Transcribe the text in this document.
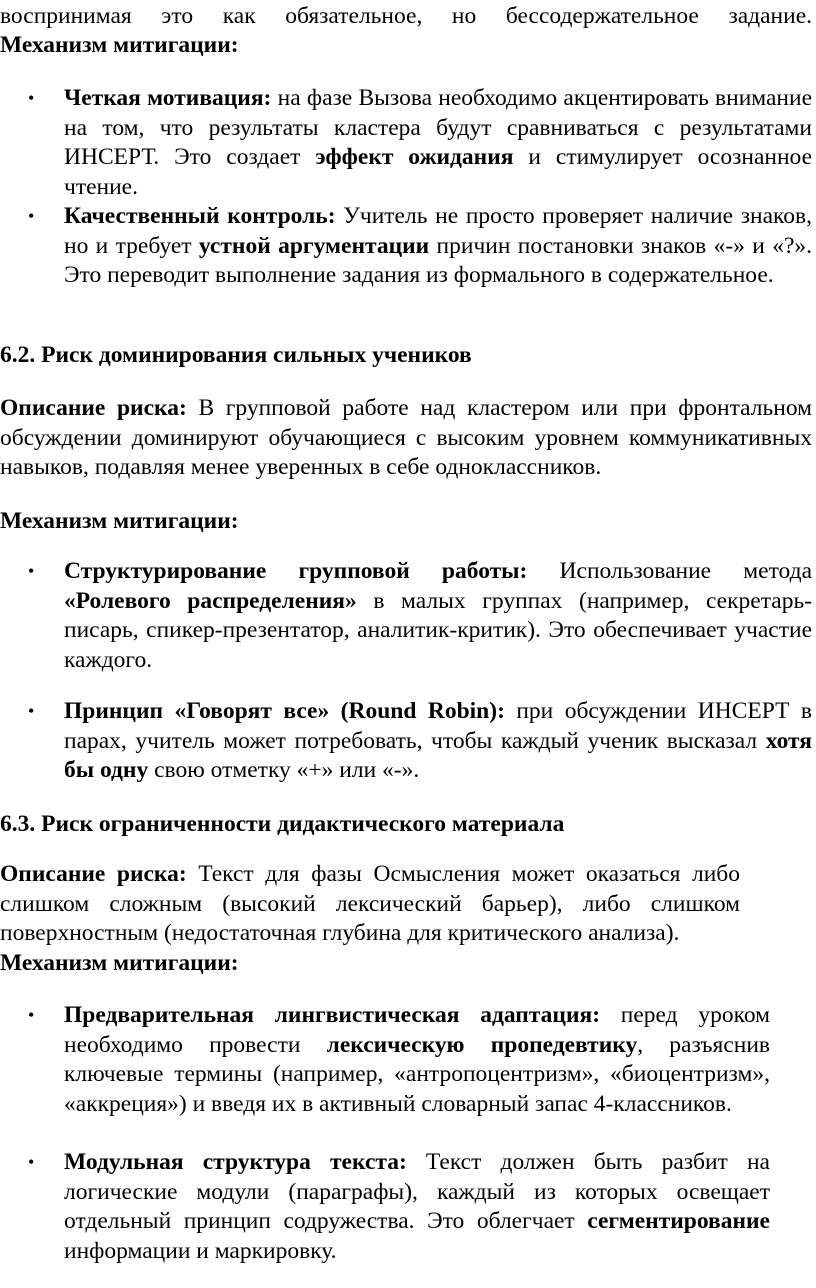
воспринимая это как обязательное, но бессодержательное задание.

Механизм митигации:

• Четкая мотивация: на фазе Вызова необходимо акцентировать внимание на том, что результаты кластера будут сравниваться с результатами ИНСЕРТ. Это создает эффект ожидания и стимулирует осознанное чтение.
• Качественный контроль: Учитель не просто проверяет наличие знаков, но и требует устной аргументации причин постановки знаков «-» и «?». Это переводит выполнение задания из формального в содержательное.

6.2. Риск доминирования сильных учеников

Описание риска: В групповой работе над кластером или при фронтальном обсуждении доминируют обучающиеся с высоким уровнем коммуникативных навыков, подавляя менее уверенных в себе одноклассников.

Механизм митигации:

• Структурирование групповой работы: Использование метода «Ролевого распределения» в малых группах (например, секретарь-писарь, спикер-презентатор, аналитик-критик). Это обеспечивает участие каждого.
• Принцип «Говорят все» (Round Robin): при обсуждении ИНСЕРТ в парах, учитель может потребовать, чтобы каждый ученик высказал хотя бы одну свою отметку «+» или «-».

6.3. Риск ограниченности дидактического материала

Описание риска: Текст для фазы Осмысления может оказаться либо слишком сложным (высокий лексический барьер), либо слишком поверхностным (недостаточная глубина для критического анализа).

Механизм митигации:

• Предварительная лингвистическая адаптация: перед уроком необходимо провести лексическую пропедевтику, разъяснив ключевые термины (например, «антропоцентризм», «биоцентризм», «аккреция») и введя их в активный словарный запас 4-классников.
• Модульная структура текста: Текст должен быть разбит на логические модули (параграфы), каждый из которых освещает отдельный принцип содружества. Это облегчает сегментирование информации и маркировку.
